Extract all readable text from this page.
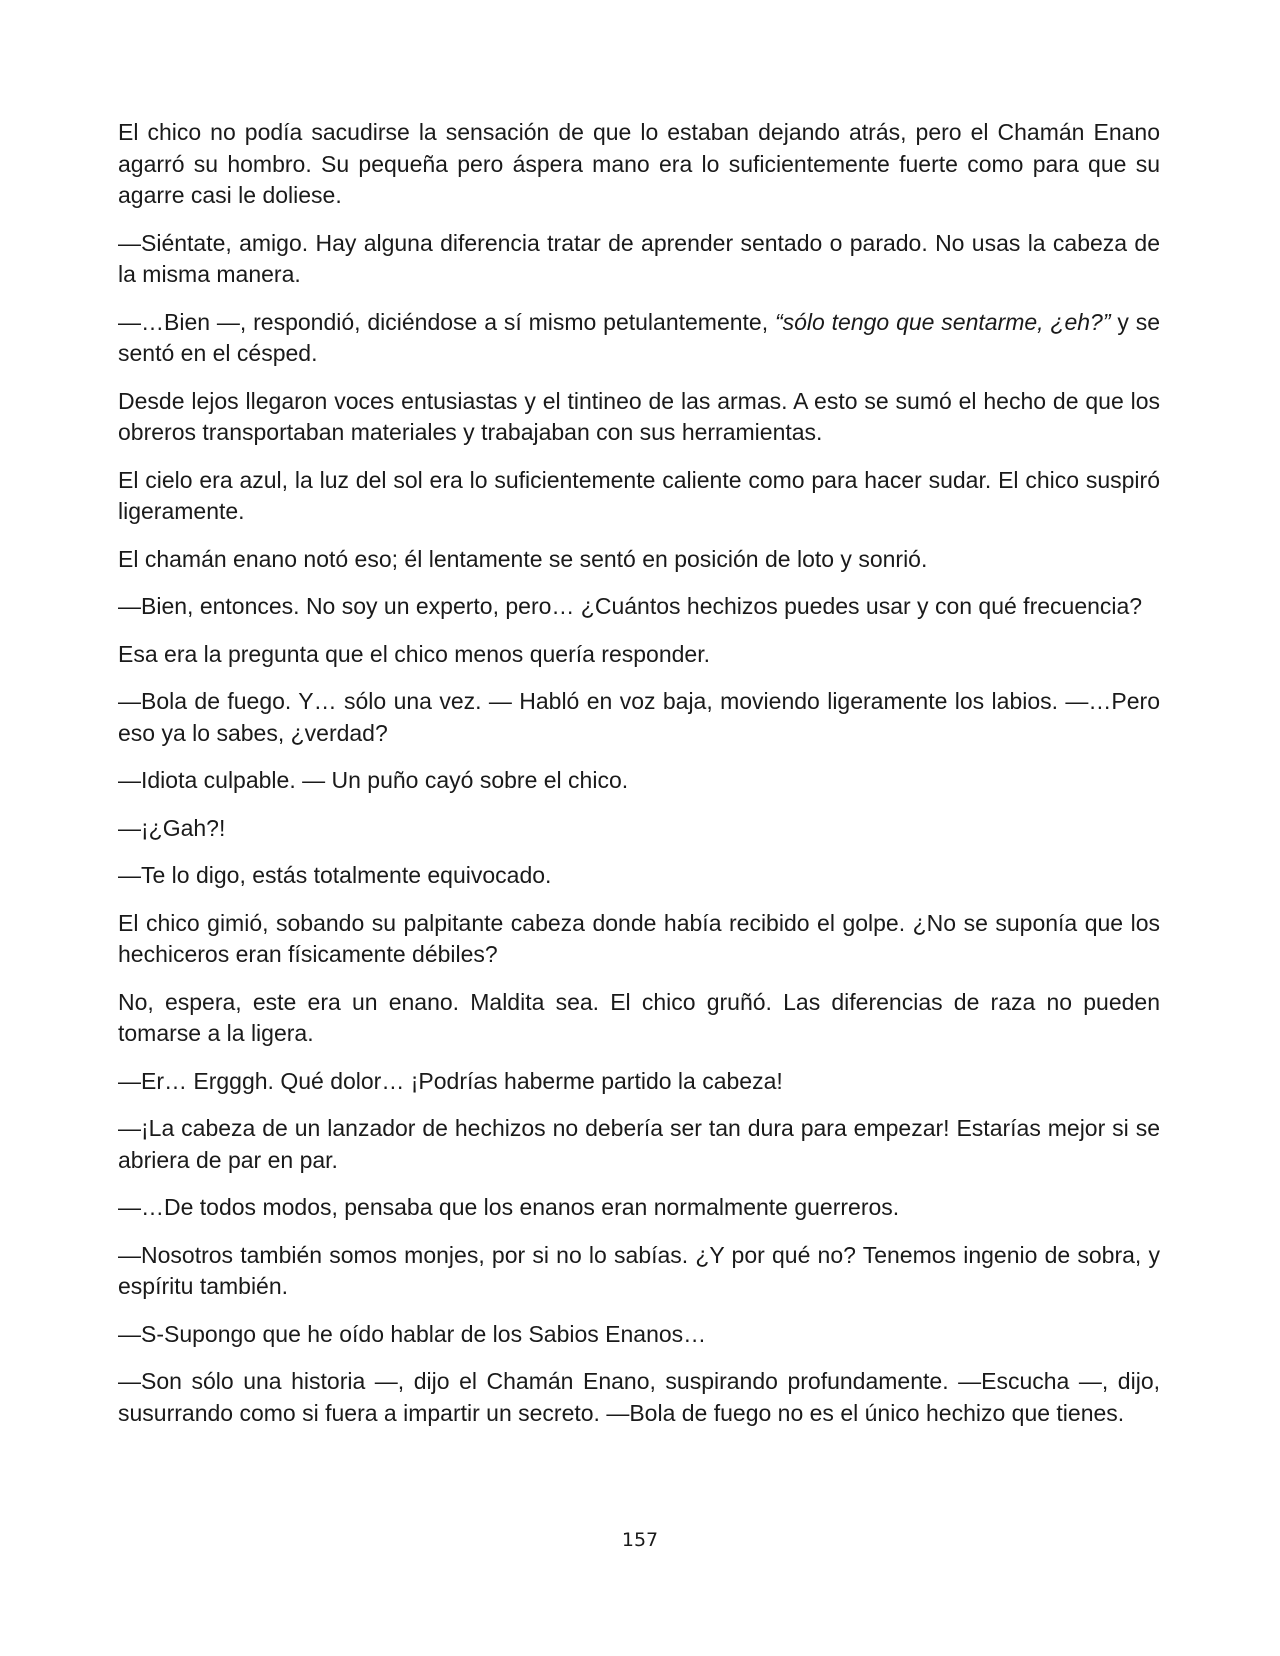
El chico no podía sacudirse la sensación de que lo estaban dejando atrás, pero el Chamán Enano agarró su hombro. Su pequeña pero áspera mano era lo suficientemente fuerte como para que su agarre casi le doliese.

—Siéntate, amigo. Hay alguna diferencia tratar de aprender sentado o parado. No usas la cabeza de la misma manera.

—…Bien —, respondió, diciéndose a sí mismo petulantemente, “sólo tengo que sentarme, ¿eh?” y se sentó en el césped.

Desde lejos llegaron voces entusiastas y el tintineo de las armas. A esto se sumó el hecho de que los obreros transportaban materiales y trabajaban con sus herramientas.

El cielo era azul, la luz del sol era lo suficientemente caliente como para hacer sudar. El chico suspiró ligeramente.

El chamán enano notó eso; él lentamente se sentó en posición de loto y sonrió.

—Bien, entonces. No soy un experto, pero… ¿Cuántos hechizos puedes usar y con qué frecuencia?

Esa era la pregunta que el chico menos quería responder.

—Bola de fuego. Y… sólo una vez. — Habló en voz baja, moviendo ligeramente los labios. —…Pero eso ya lo sabes, ¿verdad?

—Idiota culpable. — Un puño cayó sobre el chico.

—¡¿Gah?!

—Te lo digo, estás totalmente equivocado.

El chico gimió, sobando su palpitante cabeza donde había recibido el golpe. ¿No se suponía que los hechiceros eran físicamente débiles?

No, espera, este era un enano. Maldita sea. El chico gruñó. Las diferencias de raza no pueden tomarse a la ligera.

—Er… Ergggh. Qué dolor… ¡Podrías haberme partido la cabeza!

—¡La cabeza de un lanzador de hechizos no debería ser tan dura para empezar! Estarías mejor si se abriera de par en par.

—…De todos modos, pensaba que los enanos eran normalmente guerreros.

—Nosotros también somos monjes, por si no lo sabías. ¿Y por qué no? Tenemos ingenio de sobra, y espíritu también.

—S-Supongo que he oído hablar de los Sabios Enanos…

—Son sólo una historia —, dijo el Chamán Enano, suspirando profundamente. —Escucha —, dijo, susurrando como si fuera a impartir un secreto. —Bola de fuego no es el único hechizo que tienes.

157
